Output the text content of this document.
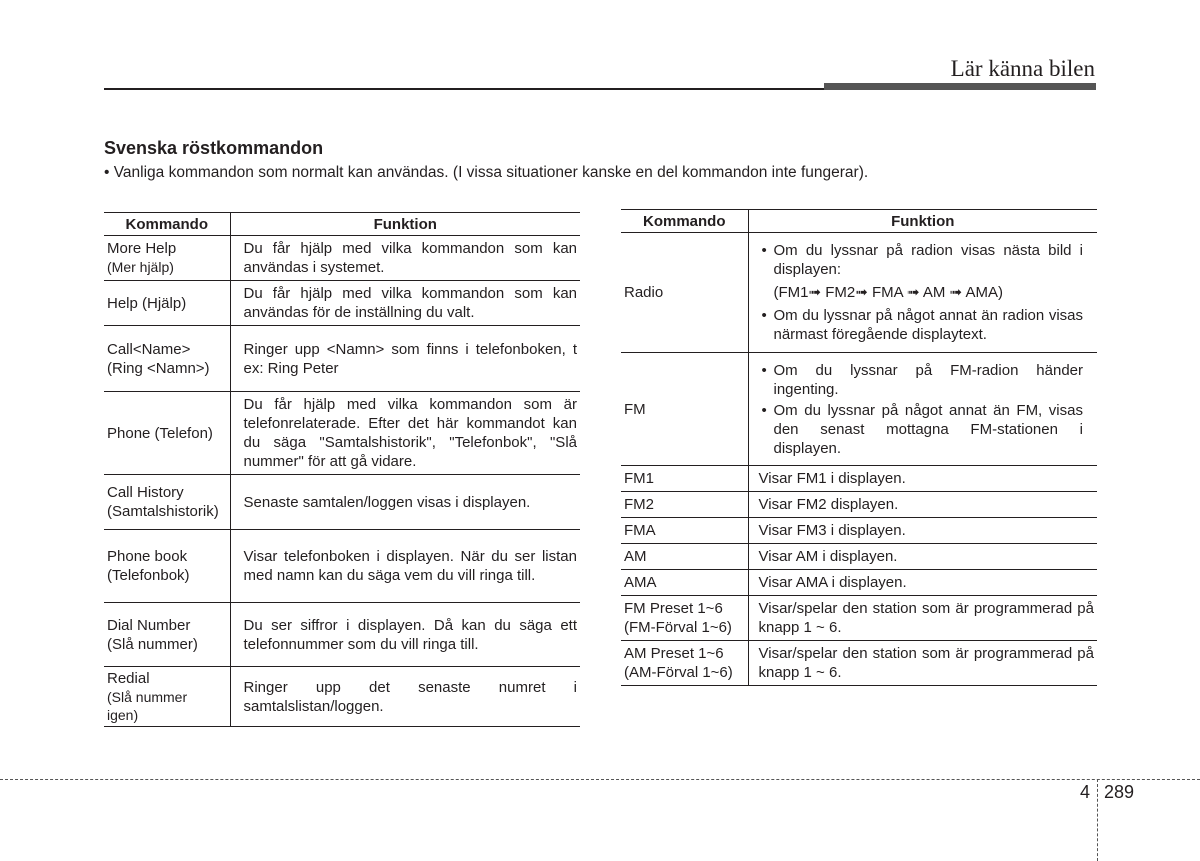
Lär känna bilen
Svenska röstkommandon
• Vanliga kommandon som normalt kan användas. (I vissa situationer kanske en del kommandon inte fungerar).
Kommando	Funktion

More Help
(Mer hjälp)	Du får hjälp med vilka kommandon som kan användas i systemet.

Help (Hjälp)	Du får hjälp med vilka kommandon som kan användas för de inställning du valt.

Call<Name>
(Ring <Namn>)	Ringer upp <Namn> som finns i telefonboken, t ex: Ring Peter

Phone (Telefon)	Du får hjälp med vilka kommandon som är telefonrelaterade. Efter det här kommandot kan du säga "Samtalshistorik", "Telefonbok", "Slå nummer" för att gå vidare.

Call History
(Samtalshistorik)	Senaste samtalen/loggen visas i displayen.

Phone book
(Telefonbok)	Visar telefonboken i displayen. När du ser listan med namn kan du säga vem du vill ringa till.

Dial Number
(Slå nummer)	Du ser siffror i displayen. Då kan du säga ett telefonnummer som du vill ringa till.

Redial
(Slå nummer igen)	Ringer upp det senaste numret i samtalslistan/loggen.
Kommando	Funktion
Radio	• Om du lyssnar på radion visas nästa bild i displayen:
(FM1➟ FM2➟ FMA ➟ AM ➟ AMA)
• Om du lyssnar på något annat än radion visas närmast föregående displaytext.

FM	• Om du lyssnar på FM-radion händer ingenting.
• Om du lyssnar på något annat än FM, visas den senast mottagna FM-stationen i displayen.

FM1	Visar FM1 i displayen.
FM2	Visar FM2 displayen.
FMA	Visar FM3 i displayen.
AM	Visar AM i displayen.
AMA	Visar AMA i displayen.

FM Preset 1~6
(FM-Förval 1~6)	Visar/spelar den station som är programmerad på knapp 1 ~ 6.

AM Preset 1~6
(AM-Förval 1~6)	Visar/spelar den station som är programmerad på knapp 1 ~ 6.
4 289
